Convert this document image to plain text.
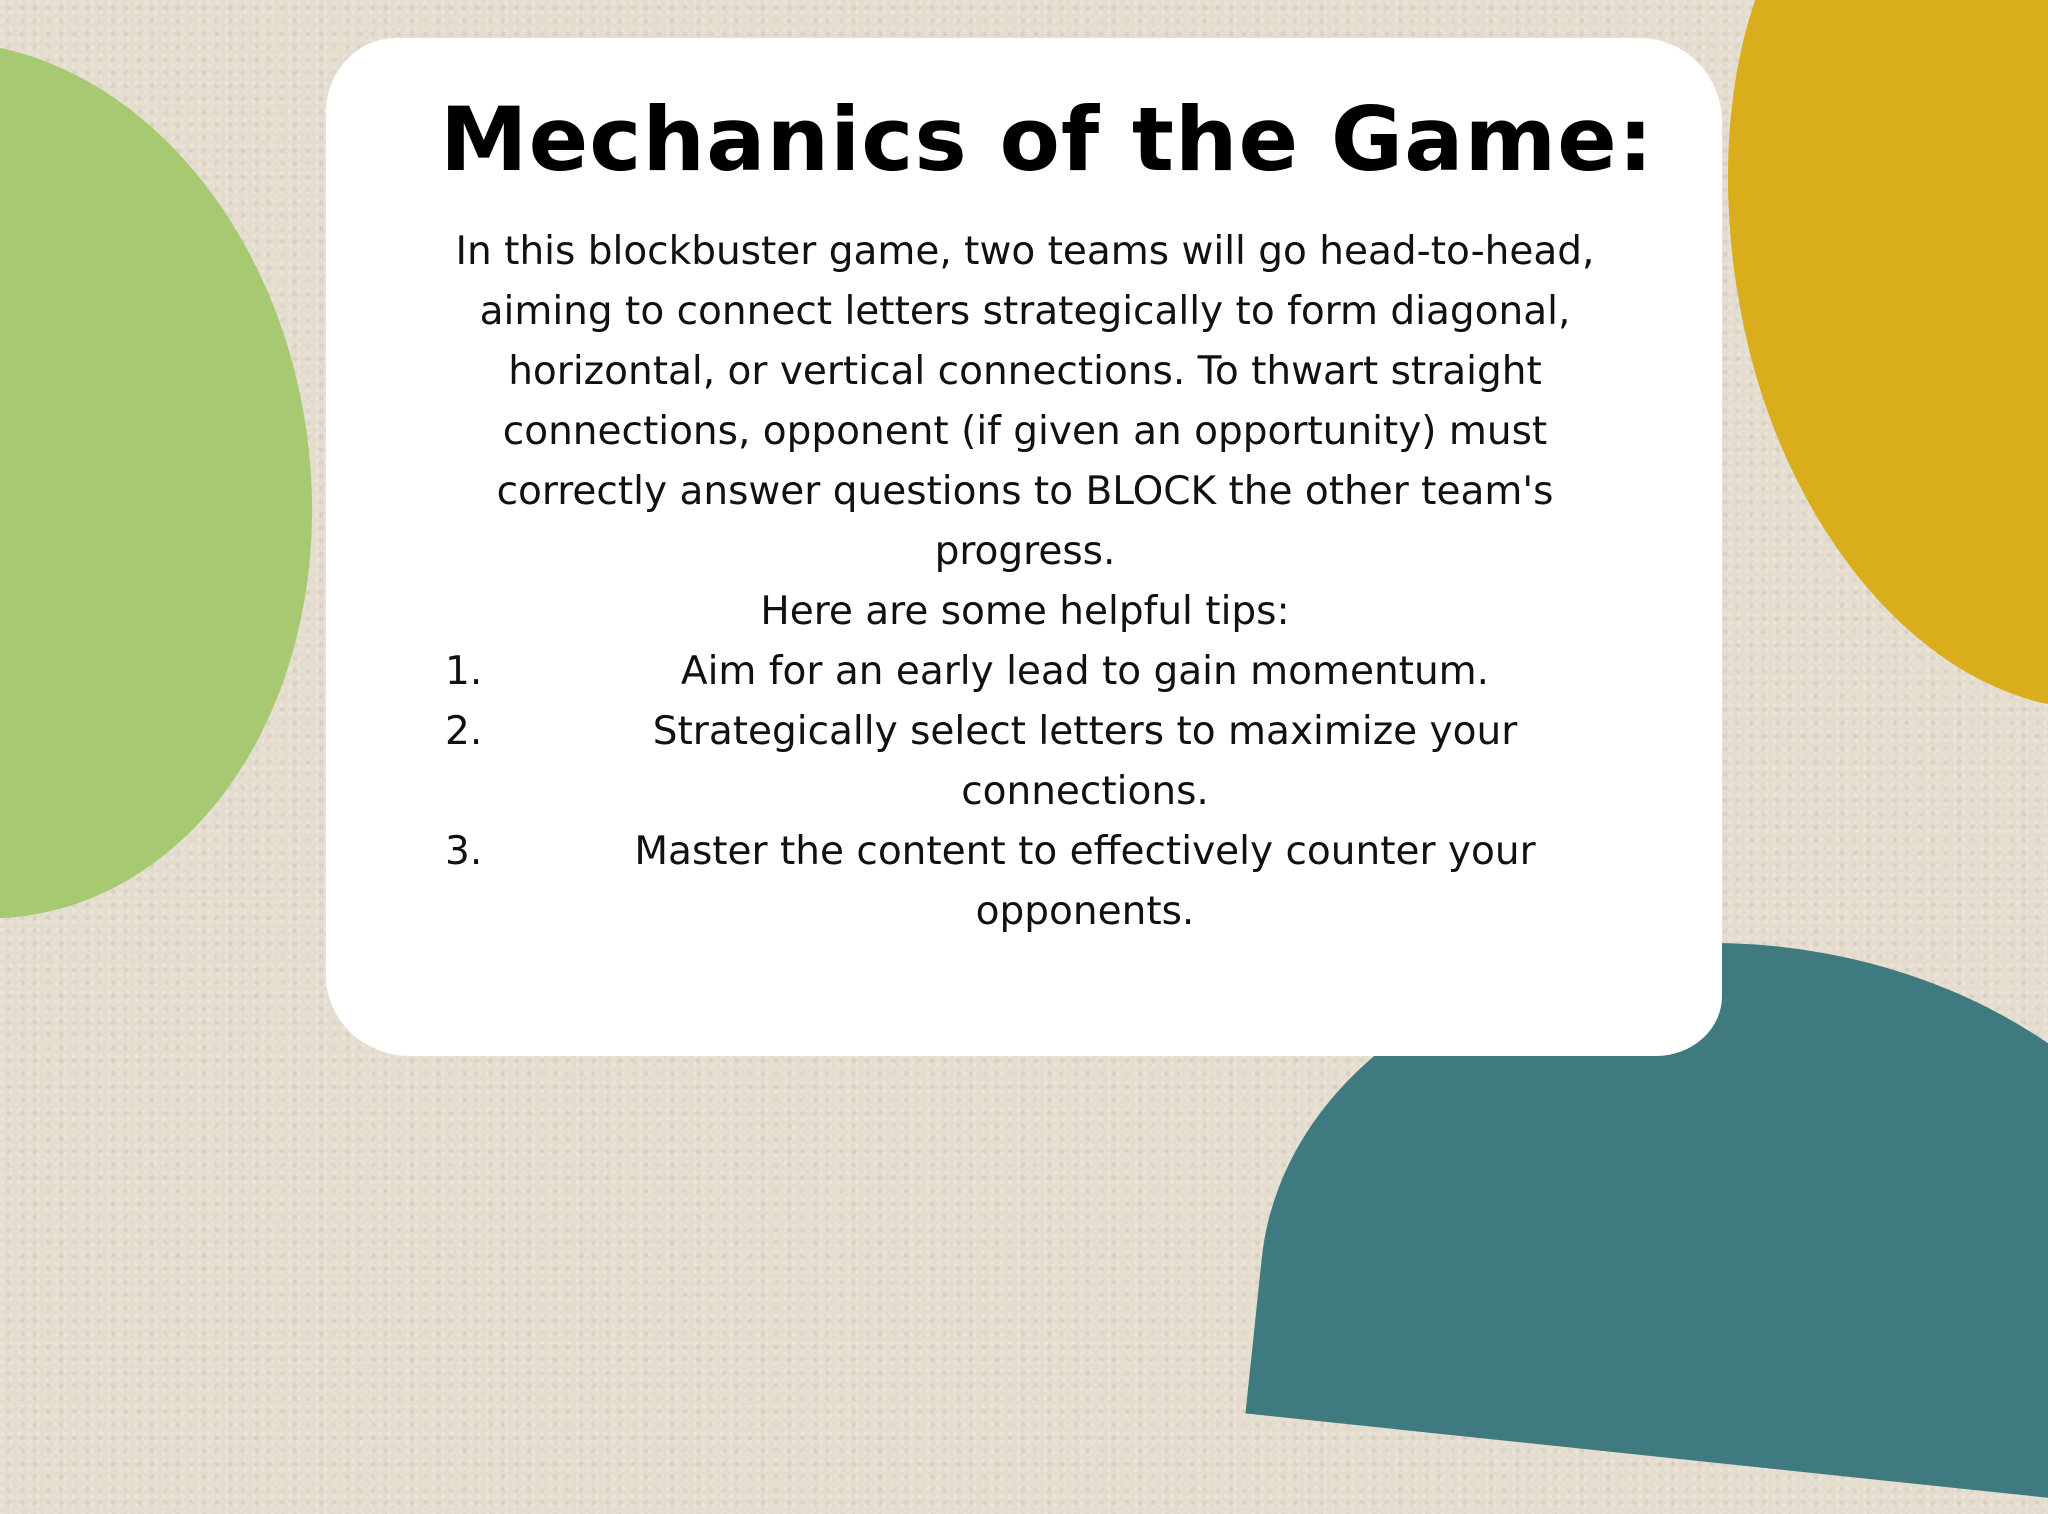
Mechanics of the Game:

In this blockbuster game, two teams will go head-to-head, aiming to connect letters strategically to form diagonal, horizontal, or vertical connections. To thwart straight connections, opponent (if given an opportunity) must correctly answer questions to BLOCK the other team's progress.

Here are some helpful tips:

1.	Aim for an early lead to gain momentum.
2.	Strategically select letters to maximize your connections.
3.	Master the content to effectively counter your opponents.
